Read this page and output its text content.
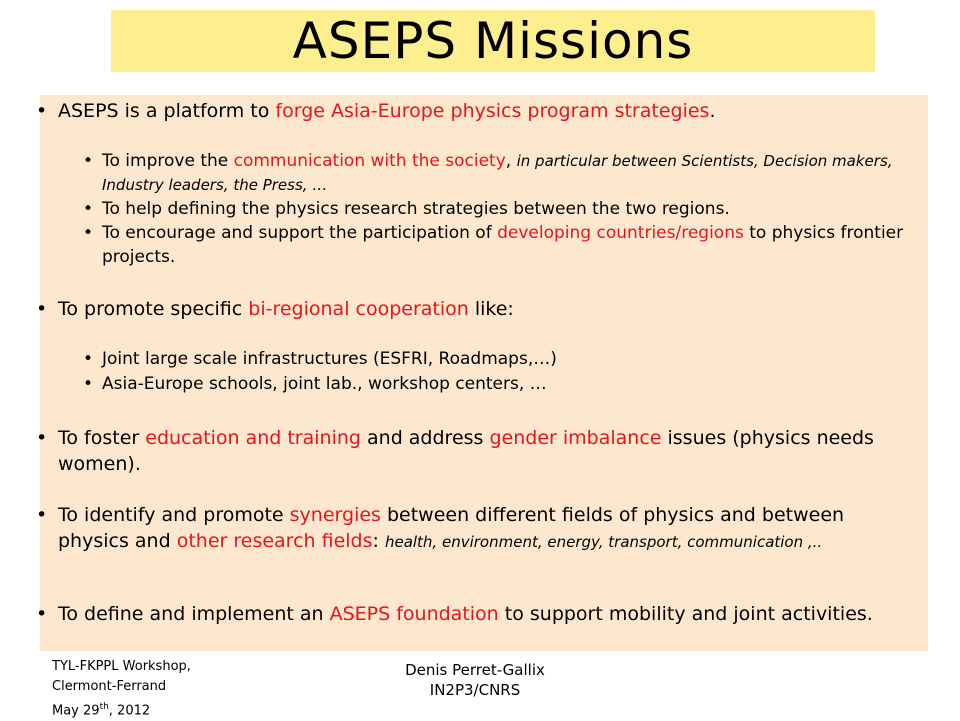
ASEPS Missions
• ASEPS is a platform to forge Asia-Europe physics program strategies.
• To improve the communication with the society, in particular between Scientists, Decision makers, Industry leaders, the Press, …
• To help defining the physics research strategies between the two regions.
• To encourage and support the participation of developing countries/regions to physics frontier projects.
• To promote specific bi-regional cooperation like:
• Joint large scale infrastructures (ESFRI, Roadmaps,…)
• Asia-Europe schools, joint lab., workshop centers, …
• To foster education and training and address gender imbalance issues (physics needs women).
• To identify and promote synergies between different fields of physics and between physics and other research fields: health, environment, energy, transport, communication ,..
• To define and implement an ASEPS foundation to support mobility and joint activities.
TYL-FKPPL Workshop,
Clermont-Ferrand
May 29th, 2012
Denis Perret-Gallix
IN2P3/CNRS
